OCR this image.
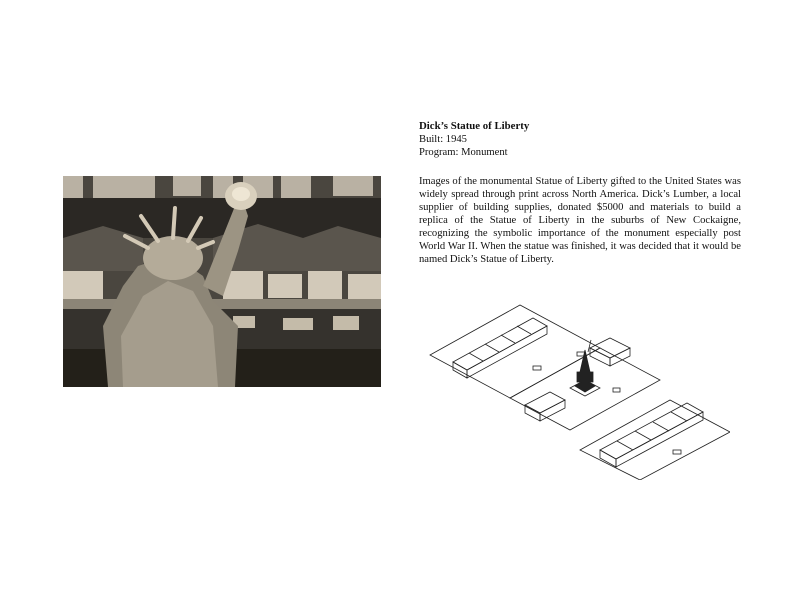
Dick’s Statue of Liberty

Built: 1945

Program: Monument

Images of the monumental Statue of Liberty gifted to the United States was widely spread through print across North America. Dick’s Lumber, a local supplier of building supplies, donated $5000 and materials to build a replica of the Statue of Liberty in the suburbs of New Cockaigne, recognizing the symbolic importance of the monument especially post World War II. When the statue was finished, it was decided that it would be named Dick’s Statue of Liberty.
